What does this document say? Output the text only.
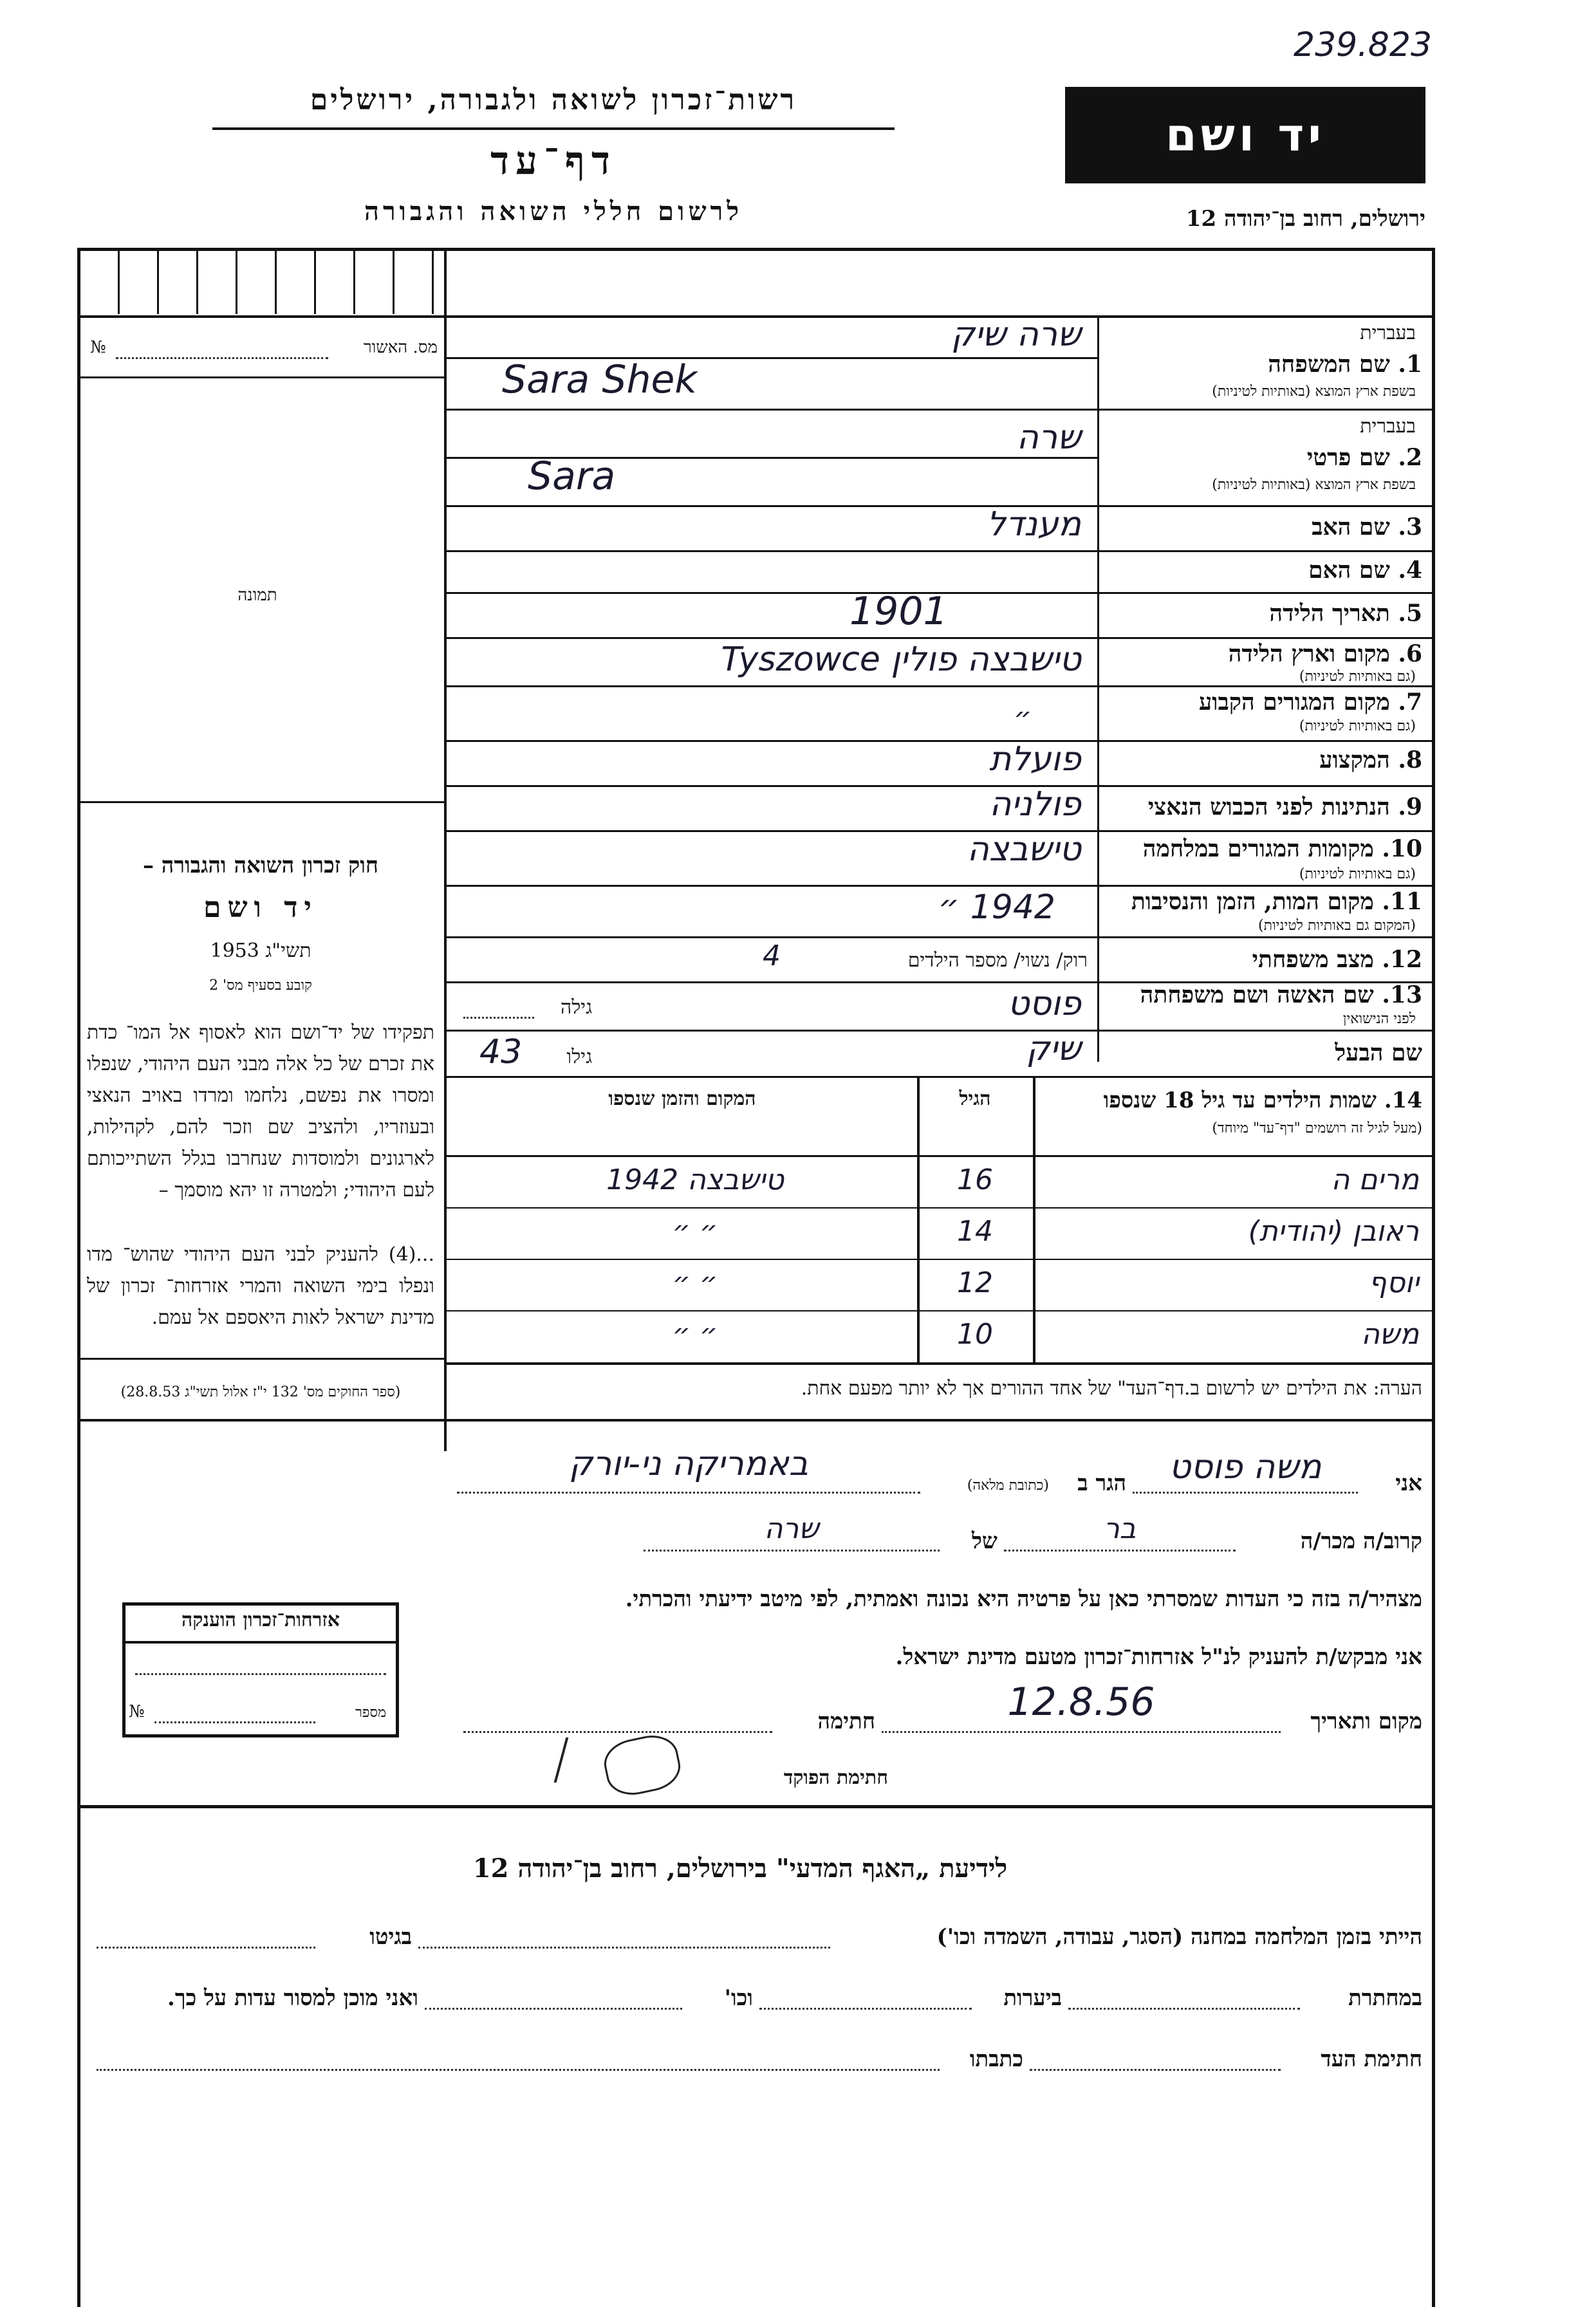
239.823
רשות־זכרון לשואה ולגבורה, ירושלים
דף־עד
לרשום חללי השואה והגבורה
יד ושם
ירושלים, רחוב בן־יהודה 12
מס. האשור
№
תמונה
חוק זכרון השואה והגבורה –
יד ושם
תשי"ג 1953
קובע בסעיף מס' 2
תפקידו של יד־ושם הוא לאסוף אל המו־ כדת את זכרם של כל אלה מבני העם היהודי, שנפלו ומסרו את נפשם, נלחמו ומרדו באויב הנאצי ובעוזריו, ולהציב שם וזכר להם, לקהילות, לארגונים ולמוסדות שנחרבו בגלל השתייכותם לעם היהודי; ולמטרה זו יהא מוסמך –
...(4) להעניק לבני העם היהודי שהוש־ מדו ונפלו בימי השואה והמרי אזרחות־ זכרון של מדינת ישראל לאות היאספם אל עמם.
(ספר החוקים מס' 132 י"ז אלול תשי"ג 28.8.53)
בעברית
1. שם המשפחה
בשפת ארץ המוצא (באותיות לטיניות)
שרה שיק
Sara Shek
בעברית
2. שם פרטי
בשפת ארץ המוצא (באותיות לטיניות)
שרה
Sara
3. שם האב
מענדל
4. שם האם
5. תאריך הלידה
1901
6. מקום וארץ הלידה
(גם באותיות לטיניות)
טישבצה פולין Tyszowce
7. מקום המגורים הקבוע
(גם באותיות לטיניות)
״
8. המקצוע
פועלת
9. הנתינות לפני הכבוש הנאצי
פולניה
10. מקומות המגורים במלחמה
(גם באותיות לטיניות)
טישבצה
11. מקום המות, הזמן והנסיבות
(המקום גם באותיות לטיניות)
1942 ״
12. מצב משפחתי
רוק/ נשוי/ מספר הילדים
4
13. שם האשה ושם משפחתה
לפני הנישואין
פוסט
גילה
שם הבעל
שיק
גילו
43
14. שמות הילדים עד גיל 18 שנספו
(מעל לגיל זה רושמים "דף־עד" מיוחד)
הגיל
המקום והזמן שנספו
מרים ה
16
טישבצה 1942
ראובן (יהודית)
14
״ ״
יוסף
12
״ ״
משה
10
״ ״
הערה: את הילדים יש לרשום ב.דף־העד" של אחד ההורים אך לא יותר מפעם אחת.
אני
משה פוסט
הגר ב
(כתובת מלאה)
באמריקה ני-יורק
קרוב/ה מכר/ה
בר
של
שרה
מצהיר/ה בזה כי העדות שמסרתי כאן על פרטיה היא נכונה ואמתית, לפי מיטב ידיעתי והכרתי.
אני מבקש/ת להעניק לנ"ל אזרחות־זכרון מטעם מדינת ישראל.
מקום ותאריך
12.8.56
חתימה
חתימת הפוקד
אזרחות־זכרון הוענקה
מספר
№
לידיעת „האגף המדעי" בירושלים, רחוב בן־יהודה 12
הייתי בזמן המלחמה במחנה (הסגר, עבודה, השמדה וכו')
בגיטו
במחתרת
ביערות
וכו'
ואני מוכן למסור עדות על כך.
חתימת העד
כתבתו
